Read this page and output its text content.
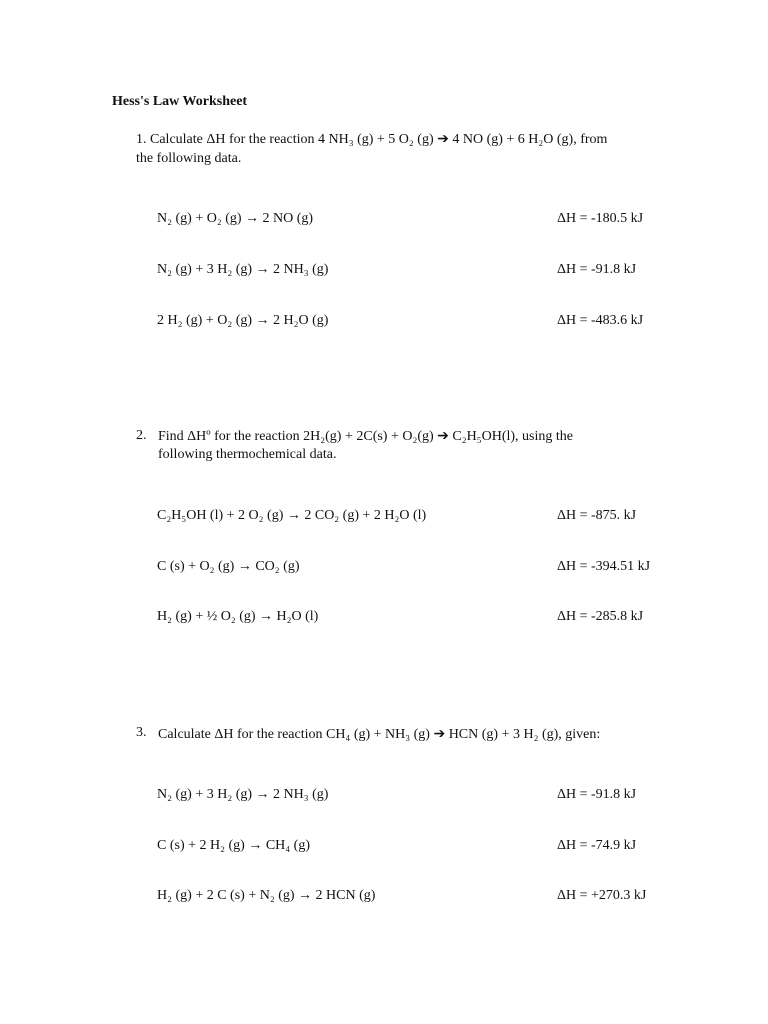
Hess's Law Worksheet
1. Calculate ΔH for the reaction 4 NH₃ (g) + 5 O₂ (g) ➔ 4 NO (g) + 6 H₂O (g), from
the following data.
N₂ (g) + O₂ (g) → 2 NO (g)	ΔH = -180.5 kJ
N₂ (g) + 3 H₂ (g) → 2 NH₃ (g)	ΔH = -91.8 kJ
2 H₂ (g) + O₂ (g) → 2 H₂O (g)	ΔH = -483.6 kJ
2. Find ΔHº for the reaction 2H₂(g) + 2C(s) + O₂(g) ➔ C₂H₅OH(l), using the
following thermochemical data.
C₂H₅OH (l) + 2 O₂ (g) → 2 CO₂ (g) + 2 H₂O (l)	ΔH = -875. kJ
C (s) + O₂ (g) → CO₂ (g)	ΔH = -394.51 kJ
H₂ (g) + ½ O₂ (g) → H₂O (l)	ΔH = -285.8 kJ
3. Calculate ΔH for the reaction CH₄ (g) + NH₃ (g) ➔ HCN (g) + 3 H₂ (g), given:
N₂ (g) + 3 H₂ (g) → 2 NH₃ (g)	ΔH = -91.8 kJ
C (s) + 2 H₂ (g) → CH₄ (g)	ΔH = -74.9 kJ
H₂ (g) + 2 C (s) + N₂ (g) → 2 HCN (g)	ΔH = +270.3 kJ
